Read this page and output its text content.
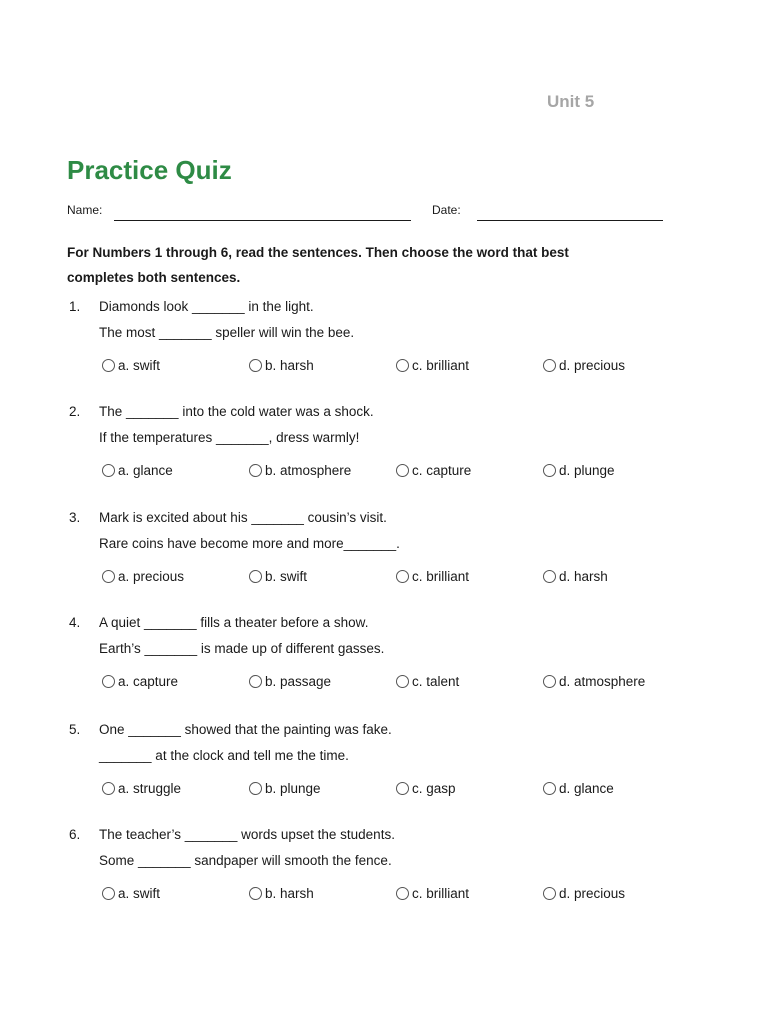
Unit 5
Practice Quiz
Name:	Date:
For Numbers 1 through 6, read the sentences. Then choose the word that best completes both sentences.
1. Diamonds look _______ in the light.
The most _______ speller will win the bee.
a. swift	b. harsh	c. brilliant	d. precious
2. The _______ into the cold water was a shock.
If the temperatures _______, dress warmly!
a. glance	b. atmosphere	c. capture	d. plunge
3. Mark is excited about his _______ cousin’s visit.
Rare coins have become more and more_______.
a. precious	b. swift	c. brilliant	d. harsh
4. A quiet _______ fills a theater before a show.
Earth’s _______ is made up of different gasses.
a. capture	b. passage	c. talent	d. atmosphere
5. One _______ showed that the painting was fake.
_______ at the clock and tell me the time.
a. struggle	b. plunge	c. gasp	d. glance
6. The teacher’s _______ words upset the students.
Some _______ sandpaper will smooth the fence.
a. swift	b. harsh	c. brilliant	d. precious
